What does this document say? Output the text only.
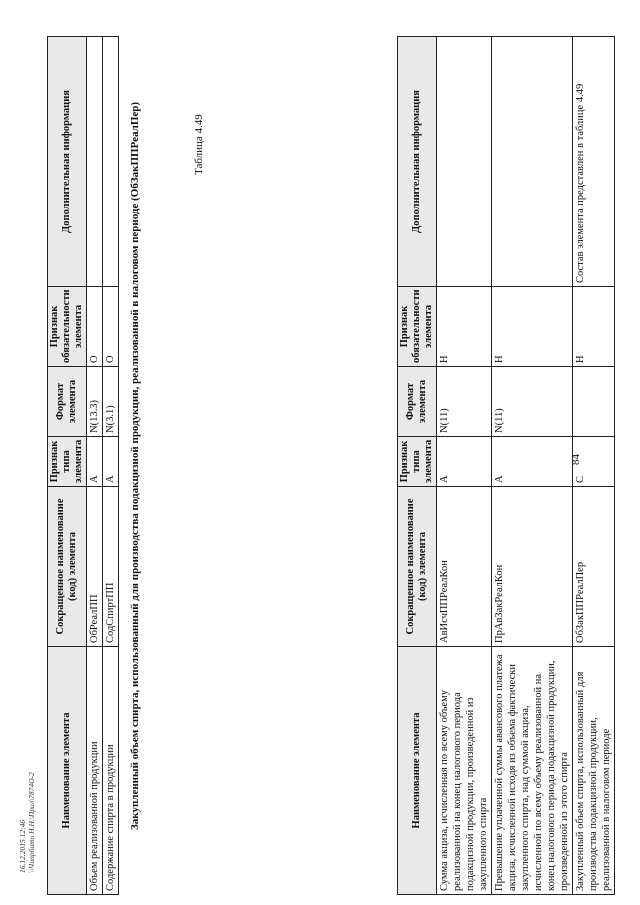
84
Наименование элемента	Сокращенное наименование (код) элемента	Признак типа элемента	Формат элемента	Признак обязательности элемента	Дополнительная информация
Сумма акциза, исчисленная по всему объему реализованной на конец налогового периода подакцизной продукции, произведенной из закупленного спирта	АвИсчППРеалКон	А	N(11)	Н	
Превышение уплаченной суммы авансового платежа акциза, исчисленной исходя из объема фактически закупленного спирта, над суммой акциза, исчисленной по всему объему реализованной на конец налогового периода подакцизной продукции, произведенной из этого спирта	ПрАвЗакРеалКон	А	N(11)	Н	
Закупленный объем спирта, использованный для производства подакцизной продукции, реализованной в налоговом периоде	ОбЗакППРеалПер	С		Н	Состав элемента представлен в таблице 4.49
Таблица 4.49
Закупленный объем спирта, использованный для производства подакцизной продукции, реализованной в налоговом периоде (ОбЗакППРеалПер)
Наименование элемента	Сокращенное наименование (код) элемента	Признак типа элемента	Формат элемента	Признак обязательности элемента	Дополнительная информация
Объем реализованной продукции	ОбРеалПП	А	N(13.3)	О	
Содержание спирта в продукции	СодСпиртПП	А	N(3.1)	О	
16.12.2015 12:46 \\Чипрбито Н.Н.\Прил\7874О-2
